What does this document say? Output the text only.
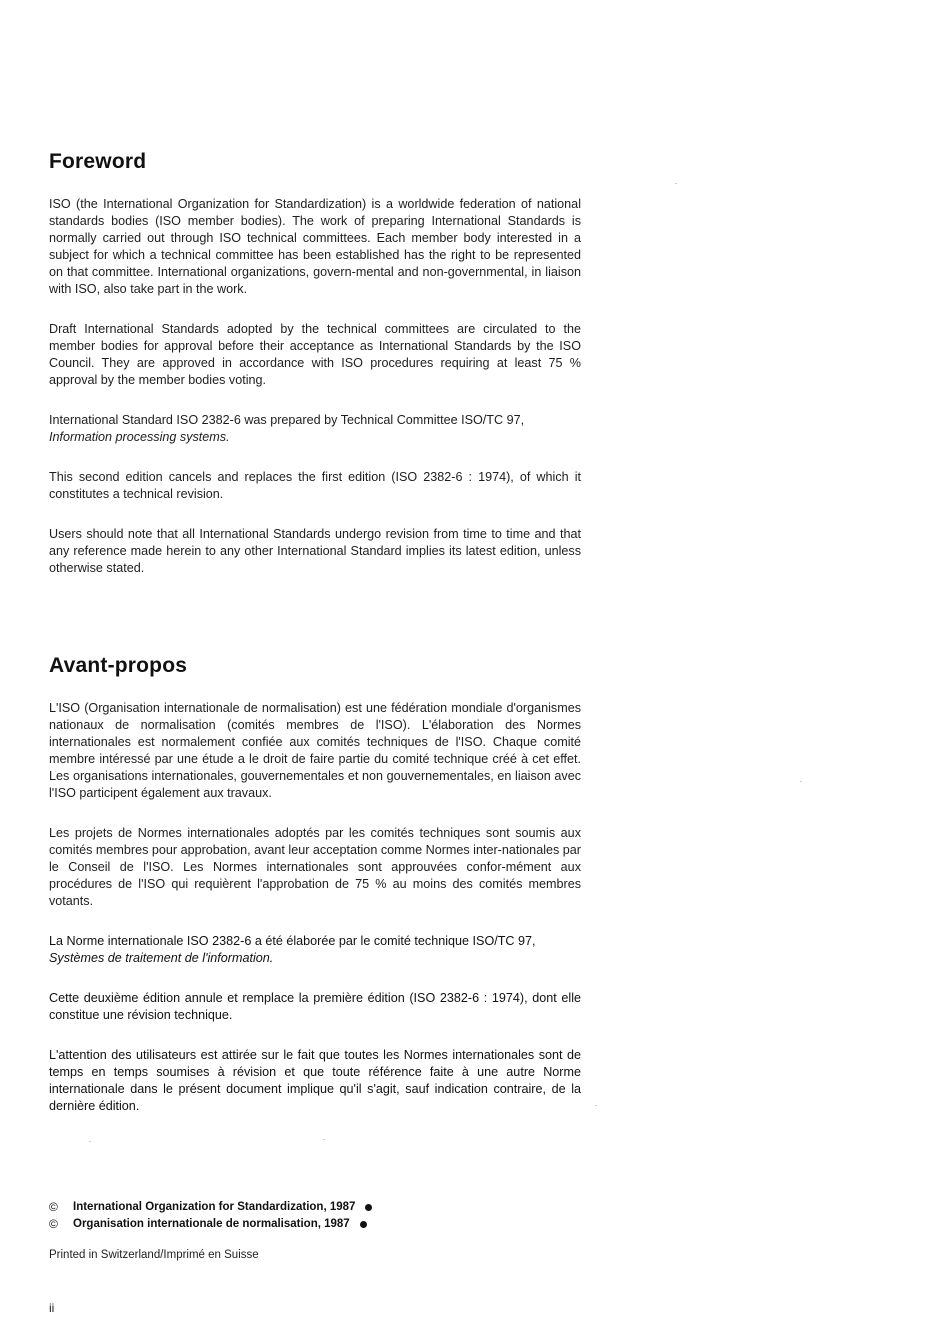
Foreword

ISO (the International Organization for Standardization) is a worldwide federation of national standards bodies (ISO member bodies). The work of preparing International Standards is normally carried out through ISO technical committees. Each member body interested in a subject for which a technical committee has been established has the right to be represented on that committee. International organizations, govern-mental and non-governmental, in liaison with ISO, also take part in the work.

Draft International Standards adopted by the technical committees are circulated to the member bodies for approval before their acceptance as International Standards by the ISO Council. They are approved in accordance with ISO procedures requiring at least 75 % approval by the member bodies voting.

International Standard ISO 2382-6 was prepared by Technical Committee ISO/TC 97,
Information processing systems.

This second edition cancels and replaces the first edition (ISO 2382-6 : 1974), of which it constitutes a technical revision.

Users should note that all International Standards undergo revision from time to time and that any reference made herein to any other International Standard implies its latest edition, unless otherwise stated.

Avant-propos

L'ISO (Organisation internationale de normalisation) est une fédération mondiale d'organismes nationaux de normalisation (comités membres de l'ISO). L'élaboration des Normes internationales est normalement confiée aux comités techniques de l'ISO. Chaque comité membre intéressé par une étude a le droit de faire partie du comité technique créé à cet effet. Les organisations internationales, gouvernementales et non gouvernementales, en liaison avec l'ISO participent également aux travaux.

Les projets de Normes internationales adoptés par les comités techniques sont soumis aux comités membres pour approbation, avant leur acceptation comme Normes inter-nationales par le Conseil de l'ISO. Les Normes internationales sont approuvées confor-mément aux procédures de l'ISO qui requièrent l'approbation de 75 % au moins des comités membres votants.

La Norme internationale ISO 2382-6 a été élaborée par le comité technique ISO/TC 97,
Systèmes de traitement de l'information.

Cette deuxième édition annule et remplace la première édition (ISO 2382-6 : 1974), dont elle constitue une révision technique.

L'attention des utilisateurs est attirée sur le fait que toutes les Normes internationales sont de temps en temps soumises à révision et que toute référence faite à une autre Norme internationale dans le présent document implique qu'il s'agit, sauf indication contraire, de la dernière édition.

©	International Organization for Standardization, 1987
©	Organisation internationale de normalisation, 1987
Printed in Switzerland/Imprimé en Suisse
ii
